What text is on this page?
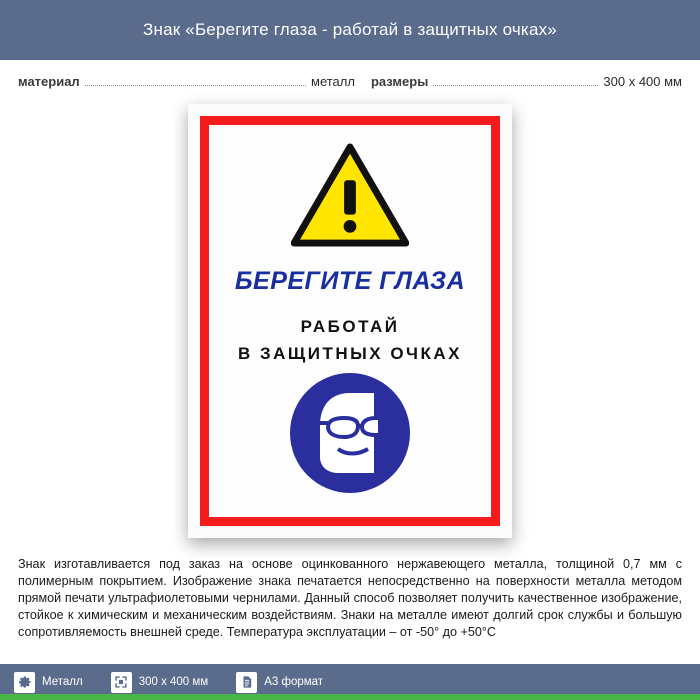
Знак «Берегите глаза - работай в защитных очках»
материал	металл размеры	300 х 400 мм
БЕРЕГИТЕ ГЛАЗА
РАБОТАЙ
В ЗАЩИТНЫХ ОЧКАХ
Знак изготавливается под заказ на основе оцинкованного нержавеющего металла, толщиной 0,7 мм с полимерным покрытием. Изображение знака печатается непосредственно на поверхности металла методом прямой печати ультрафиолетовыми чернилами. Данный способ позволяет получить качественное изображение, стойкое к химическим и механическим воздействиям. Знаки на металле имеют долгий срок службы и большую сопротивляемость внешней среде. Температура эксплуатации – от -50° до +50°С
Металл	300 х 400 мм	A3 формат
